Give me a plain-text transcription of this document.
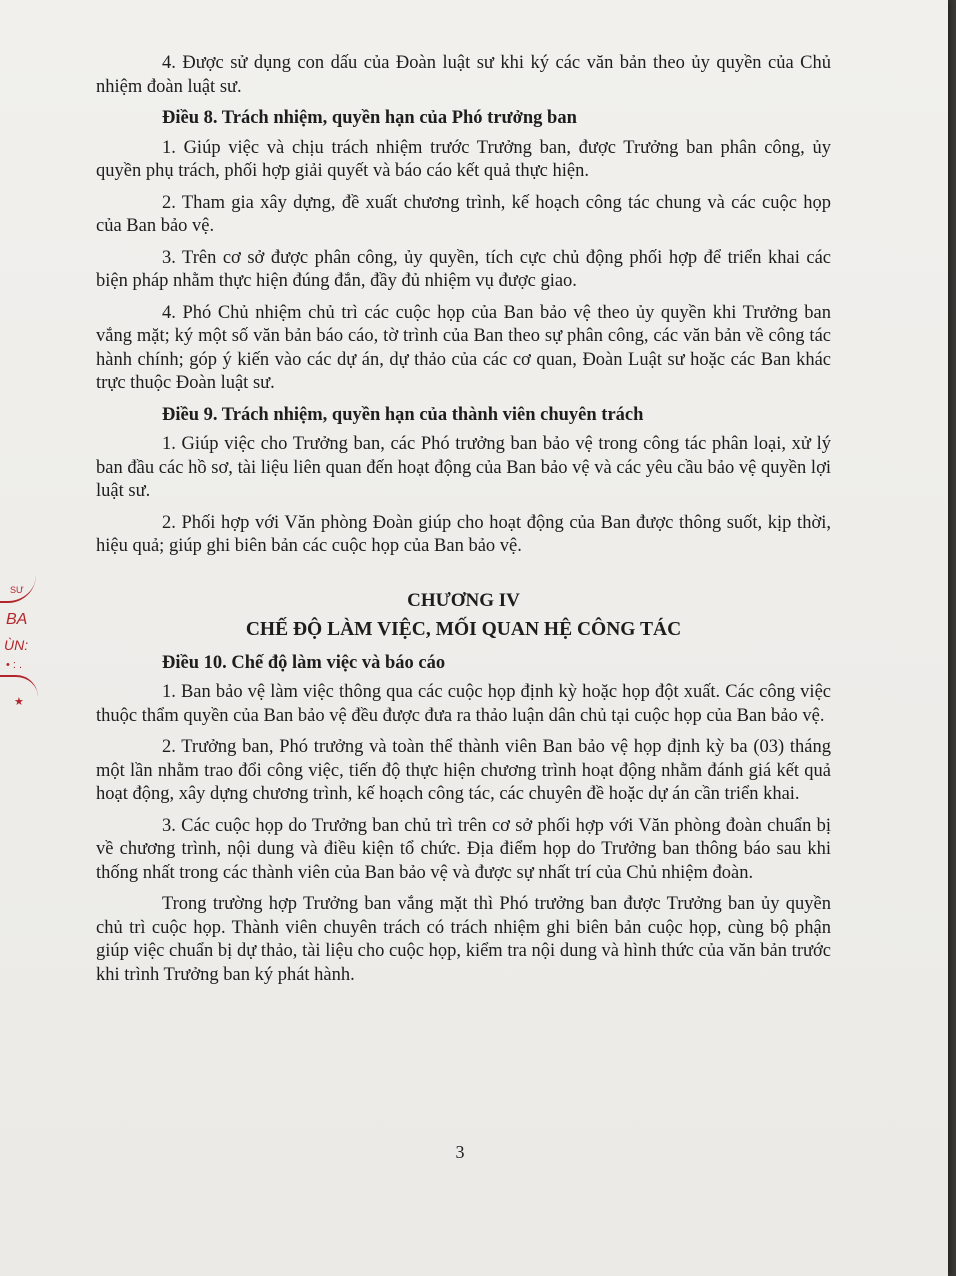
4. Được sử dụng con dấu của Đoàn luật sư khi ký các văn bản theo ủy quyền của Chủ nhiệm đoàn luật sư.

Điều 8. Trách nhiệm, quyền hạn của Phó trưởng ban

1. Giúp việc và chịu trách nhiệm trước Trưởng ban, được Trưởng ban phân công, ủy quyền phụ trách, phối hợp giải quyết và báo cáo kết quả thực hiện.

2. Tham gia xây dựng, đề xuất chương trình, kế hoạch công tác chung và các cuộc họp của Ban bảo vệ.

3. Trên cơ sở được phân công, ủy quyền, tích cực chủ động phối hợp để triển khai các biện pháp nhằm thực hiện đúng đắn, đầy đủ nhiệm vụ được giao.

4. Phó Chủ nhiệm chủ trì các cuộc họp của Ban bảo vệ theo ủy quyền khi Trưởng ban vắng mặt; ký một số văn bản báo cáo, tờ trình của Ban theo sự phân công, các văn bản về công tác hành chính; góp ý kiến vào các dự án, dự thảo của các cơ quan, Đoàn Luật sư hoặc các Ban khác trực thuộc Đoàn luật sư.

Điều 9. Trách nhiệm, quyền hạn của thành viên chuyên trách

1. Giúp việc cho Trưởng ban, các Phó trưởng ban bảo vệ trong công tác phân loại, xử lý ban đầu các hồ sơ, tài liệu liên quan đến hoạt động của Ban bảo vệ và các yêu cầu bảo vệ quyền lợi luật sư.

2. Phối hợp với Văn phòng Đoàn giúp cho hoạt động của Ban được thông suốt, kịp thời, hiệu quả; giúp ghi biên bản các cuộc họp của Ban bảo vệ.

CHƯƠNG IV

CHẾ ĐỘ LÀM VIỆC, MỐI QUAN HỆ CÔNG TÁC

Điều 10. Chế độ làm việc và báo cáo

1. Ban bảo vệ làm việc thông qua các cuộc họp định kỳ hoặc họp đột xuất. Các công việc thuộc thẩm quyền của Ban bảo vệ đều được đưa ra thảo luận dân chủ tại cuộc họp của Ban bảo vệ.

2. Trưởng ban, Phó trưởng và toàn thể thành viên Ban bảo vệ họp định kỳ ba (03) tháng một lần nhằm trao đổi công việc, tiến độ thực hiện chương trình hoạt động nhằm đánh giá kết quả hoạt động, xây dựng chương trình, kế hoạch công tác, các chuyên đề hoặc dự án cần triển khai.

3. Các cuộc họp do Trưởng ban chủ trì trên cơ sở phối hợp với Văn phòng đoàn chuẩn bị về chương trình, nội dung và điều kiện tổ chức. Địa điểm họp do Trưởng ban thông báo sau khi thống nhất trong các thành viên của Ban bảo vệ và được sự nhất trí của Chủ nhiệm đoàn.

Trong trường hợp Trưởng ban vắng mặt thì Phó trưởng ban được Trưởng ban ủy quyền chủ trì cuộc họp. Thành viên chuyên trách có trách nhiệm ghi biên bản cuộc họp, cùng bộ phận giúp việc chuẩn bị dự thảo, tài liệu cho cuộc họp, kiểm tra nội dung và hình thức của văn bản trước khi trình Trưởng ban ký phát hành.

3
SƯ
BA
ÙN:
• : .
★
